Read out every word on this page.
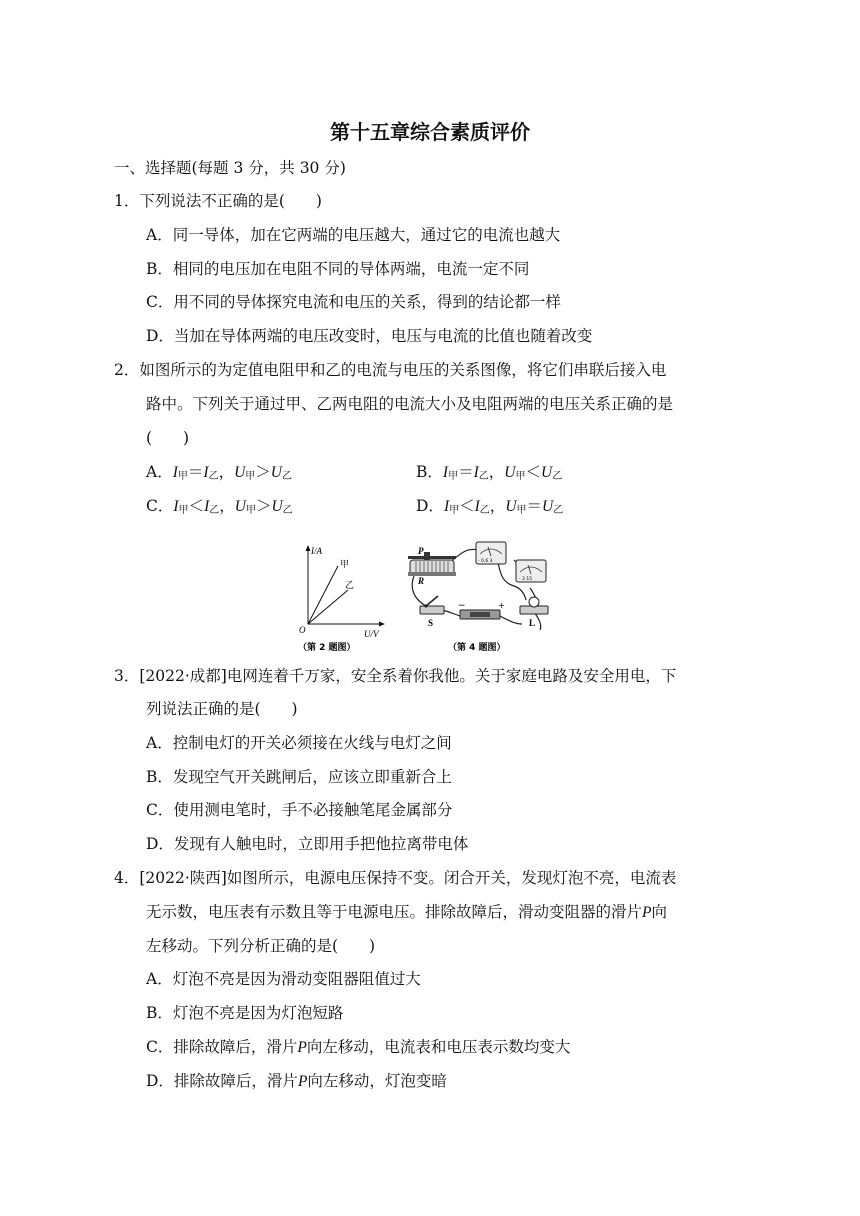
第十五章综合素质评价
一、选择题(每题 3 分，共 30 分)
1．下列说法不正确的是(　　)
A．同一导体，加在它两端的电压越大，通过它的电流也越大
B．相同的电压加在电阻不同的导体两端，电流一定不同
C．用不同的导体探究电流和电压的关系，得到的结论都一样
D．当加在导体两端的电压改变时，电压与电流的比值也随着改变
2．如图所示的为定值电阻甲和乙的电流与电压的关系图像，将它们串联后接入电
路中。下列关于通过甲、乙两电阻的电流大小及电阻两端的电压关系正确的是
(　　)
A．$I_甲=I_乙$，$U_甲>U_乙$	B．$I_甲=I_乙$，$U_甲<U_乙$
C．$I_甲<I_乙$，$U_甲>U_乙$	D．$I_甲<I_乙$，$U_甲=U_乙$
I/A
甲
乙
O	U/V
（第 2 题图）
P
R
- 0.6 3
- 3 15
L
S
−	+
（第 4 题图）
3．[2022·成都]电网连着千万家，安全系着你我他。关于家庭电路及安全用电，下
列说法正确的是(　　)
A．控制电灯的开关必须接在火线与电灯之间
B．发现空气开关跳闸后，应该立即重新合上
C．使用测电笔时，手不必接触笔尾金属部分
D．发现有人触电时，立即用手把他拉离带电体
4．[2022·陕西]如图所示，电源电压保持不变。闭合开关，发现灯泡不亮，电流表
无示数，电压表有示数且等于电源电压。排除故障后，滑动变阻器的滑片P向
左移动。下列分析正确的是(　　)
A．灯泡不亮是因为滑动变阻器阻值过大
B．灯泡不亮是因为灯泡短路
C．排除故障后，滑片P向左移动，电流表和电压表示数均变大
D．排除故障后，滑片P向左移动，灯泡变暗
